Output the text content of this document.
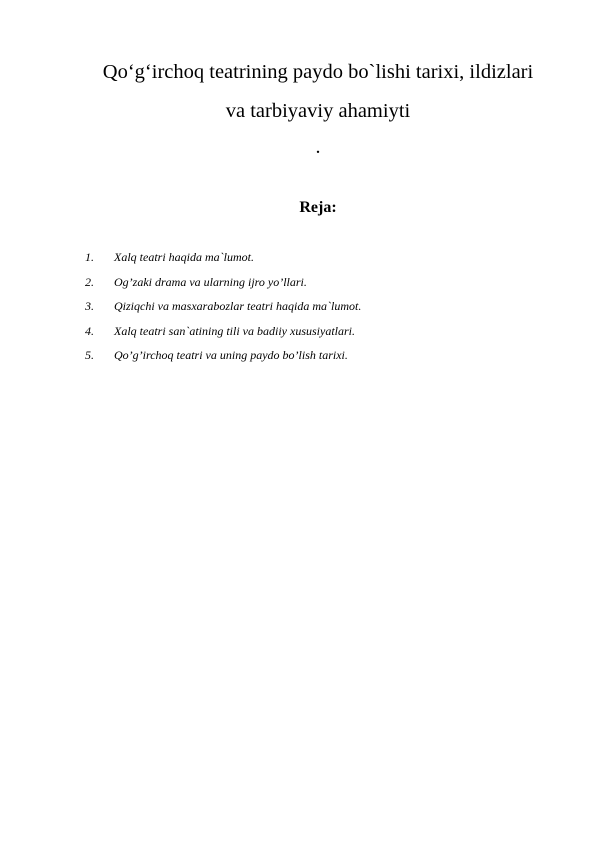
Qo‘g‘irchoq teatrining paydo bo`lishi tarixi, ildizlari
va tarbiyaviy ahamiyti
.
Reja:
1. Xalq teatri haqida ma`lumot.
2. Og’zaki drama va ularning ijro yo’llari.
3. Qiziqchi va masxarabozlar teatri haqida ma`lumot.
4. Xalq teatri san`atining tili va badiiy xususiyatlari.
5. Qo’g’irchoq teatri va uning paydo bo’lish tarixi.
